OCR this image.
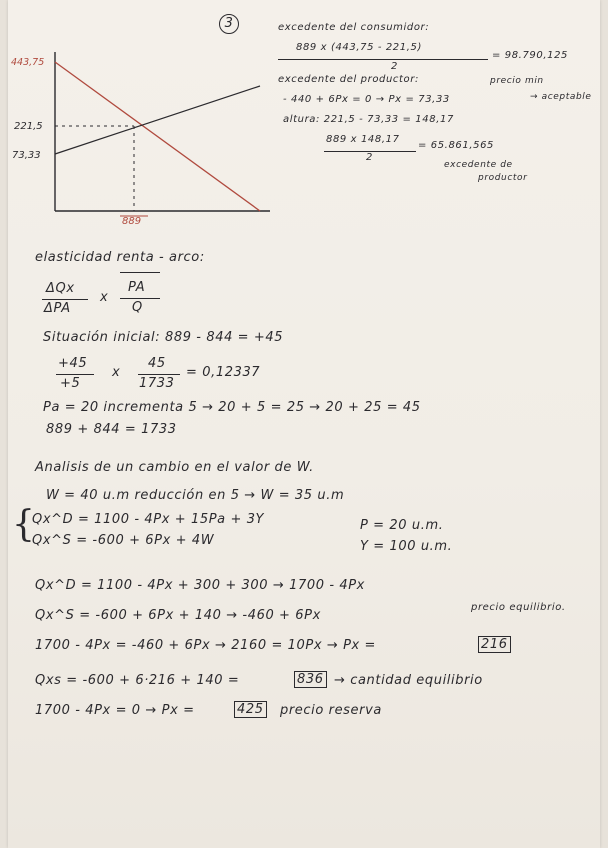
3
443,75
221,5
73,33
889
excedente del consumidor:
889 x (443,75 - 221,5)
2
= 98.790,125
excedente del productor:	precio min
- 440 + 6Px = 0 → Px = 73,33	→ aceptable
altura: 221,5 - 73,33 = 148,17
889 x 148,17
2
= 65.861,565
excedente de
productor
elasticidad renta - arco:
ΔQx
ΔPA
x
PA
Q
Situación inicial: 889 - 844 = +45
+45
+5
x
45
1733
= 0,12337
Pa = 20 incrementa 5 → 20 + 5 = 25 → 20 + 25 = 45
889 + 844 = 1733
Analisis de un cambio en el valor de W.
W = 40 u.m reducción en 5 → W = 35 u.m
{
Qx^D = 1100 - 4Px + 15Pa + 3Y
Qx^S = -600 + 6Px + 4W
P = 20 u.m.
Y = 100 u.m.
Qx^D = 1100 - 4Px + 300 + 300 → 1700 - 4Px
Qx^S = -600 + 6Px + 140 → -460 + 6Px
precio equilibrio.
1700 - 4Px = -460 + 6Px → 2160 = 10Px → Px =	216
Qxs = -600 + 6·216 + 140 =	836 → cantidad equilibrio
1700 - 4Px = 0 → Px =	425 precio reserva
